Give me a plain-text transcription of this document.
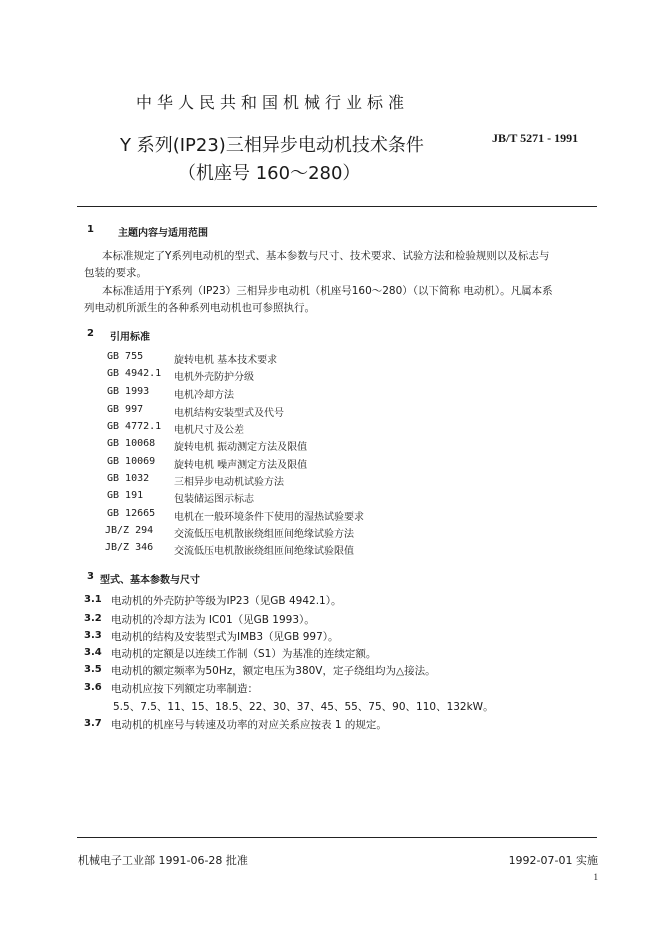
中华人民共和国机械行业标准
Y 系列(IP23)三相异步电动机技术条件	JB/T 5271 - 1991
（机座号 160～280）
1 主题内容与适用范围
本标准规定了Y系列电动机的型式、基本参数与尺寸、技术要求、试验方法和检验规则以及标志与
包装的要求。
本标准适用于Y系列（IP23）三相异步电动机（机座号160～280）（以下简称 电动机）。凡属本系
列电动机所派生的各种系列电动机也可参照执行。
2 引用标准
GB 755	旋转电机 基本技术要求
GB 4942.1 电机外壳防护分级
GB 1993 电机冷却方法
GB 997	电机结构安装型式及代号
GB 4772.1 电机尺寸及公差
GB 10068 旋转电机 振动测定方法及限值
GB 10069 旋转电机 噪声测定方法及限值
GB 1032 三相异步电动机试验方法
GB 191	包装储运图示标志
GB 12665 电机在一般环境条件下使用的湿热试验要求
JB/Z 294 交流低压电机散嵌绕组匝间绝缘试验方法
JB/Z 346 交流低压电机散嵌绕组匝间绝缘试验限值
3 型式、基本参数与尺寸
3.1 电动机的外壳防护等级为IP23（见GB 4942.1）。
3.2 电动机的冷却方法为 IC01（见GB 1993）。
3.3 电动机的结构及安装型式为IMB3（见GB 997）。
3.4 电动机的定额是以连续工作制（S1）为基准的连续定额。
3.5 电动机的额定频率为50Hz，额定电压为380V，定子绕组均为△接法。
3.6 电动机应按下列额定功率制造：
5.5、7.5、11、15、18.5、22、30、37、45、55、75、90、110、132kW。
3.7 电动机的机座号与转速及功率的对应关系应按表 1 的规定。
机械电子工业部 1991-06-28 批准	1992-07-01 实施
1
